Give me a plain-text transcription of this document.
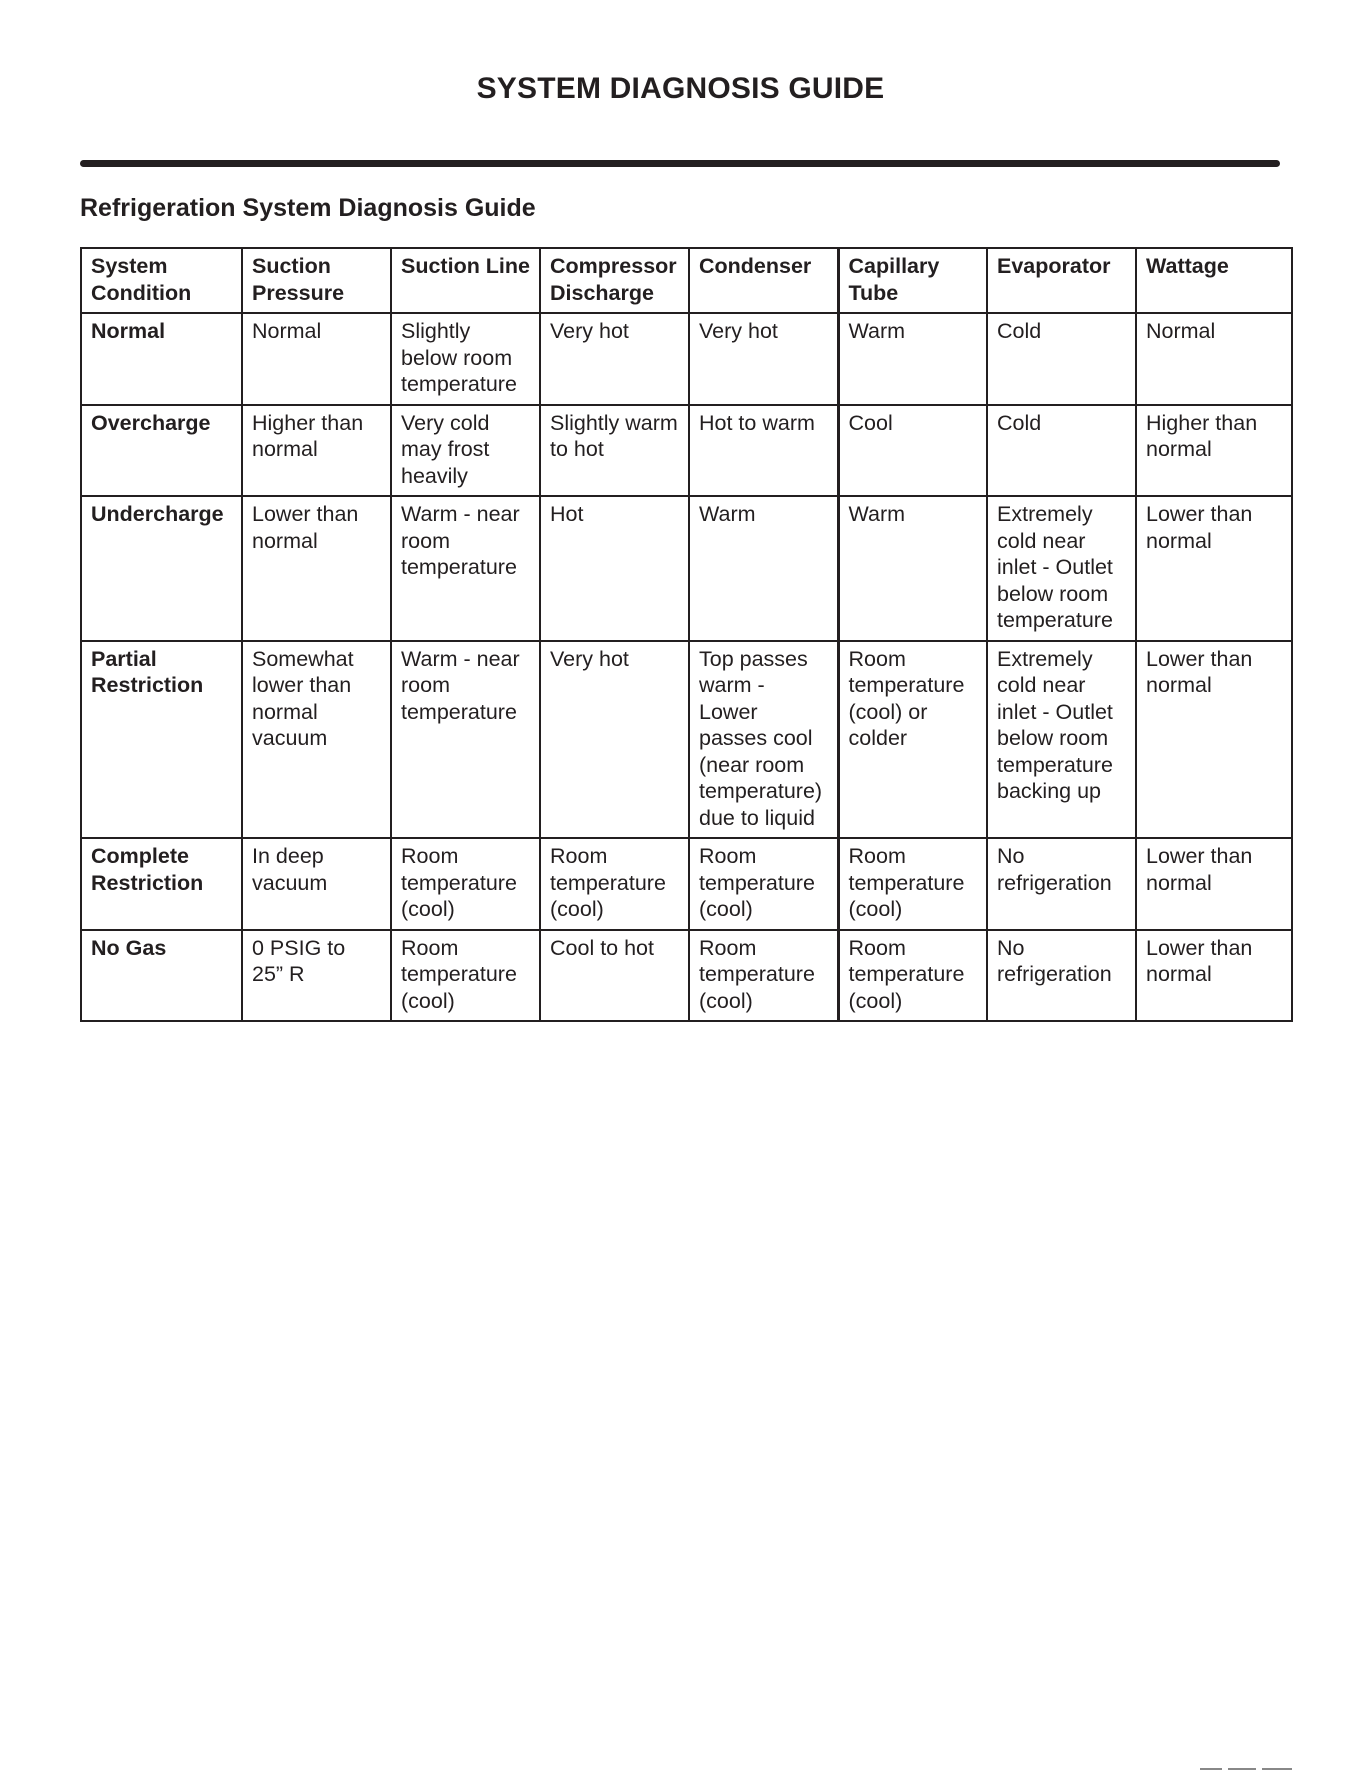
SYSTEM DIAGNOSIS GUIDE
Refrigeration System Diagnosis Guide
System Condition	Suction Pressure	Suction Line	Compressor Discharge	Condenser	Capillary Tube	Evaporator	Wattage
Normal	Normal	Slightly below room temperature	Very hot	Very hot	Warm	Cold	Normal
Overcharge	Higher than normal	Very cold may frost heavily	Slightly warm to hot	Hot to warm	Cool	Cold	Higher than normal
Undercharge	Lower than normal	Warm - near room temperature	Hot	Warm	Warm	Extremely cold near inlet - Outlet below room temperature	Lower than normal
Partial Restriction	Somewhat lower than normal vacuum	Warm - near room temperature	Very hot	Top passes warm - Lower passes cool (near room temperature) due to liquid	Room temperature (cool) or colder	Extremely cold near inlet - Outlet below room temperature backing up	Lower than normal
Complete Restriction	In deep vacuum	Room temperature (cool)	Room temperature (cool)	Room temperature (cool)	Room temperature (cool)	No refrigeration	Lower than normal
No Gas	0 PSIG to 25” R	Room temperature (cool)	Cool to hot	Room temperature (cool)	Room temperature (cool)	No refrigeration	Lower than normal
